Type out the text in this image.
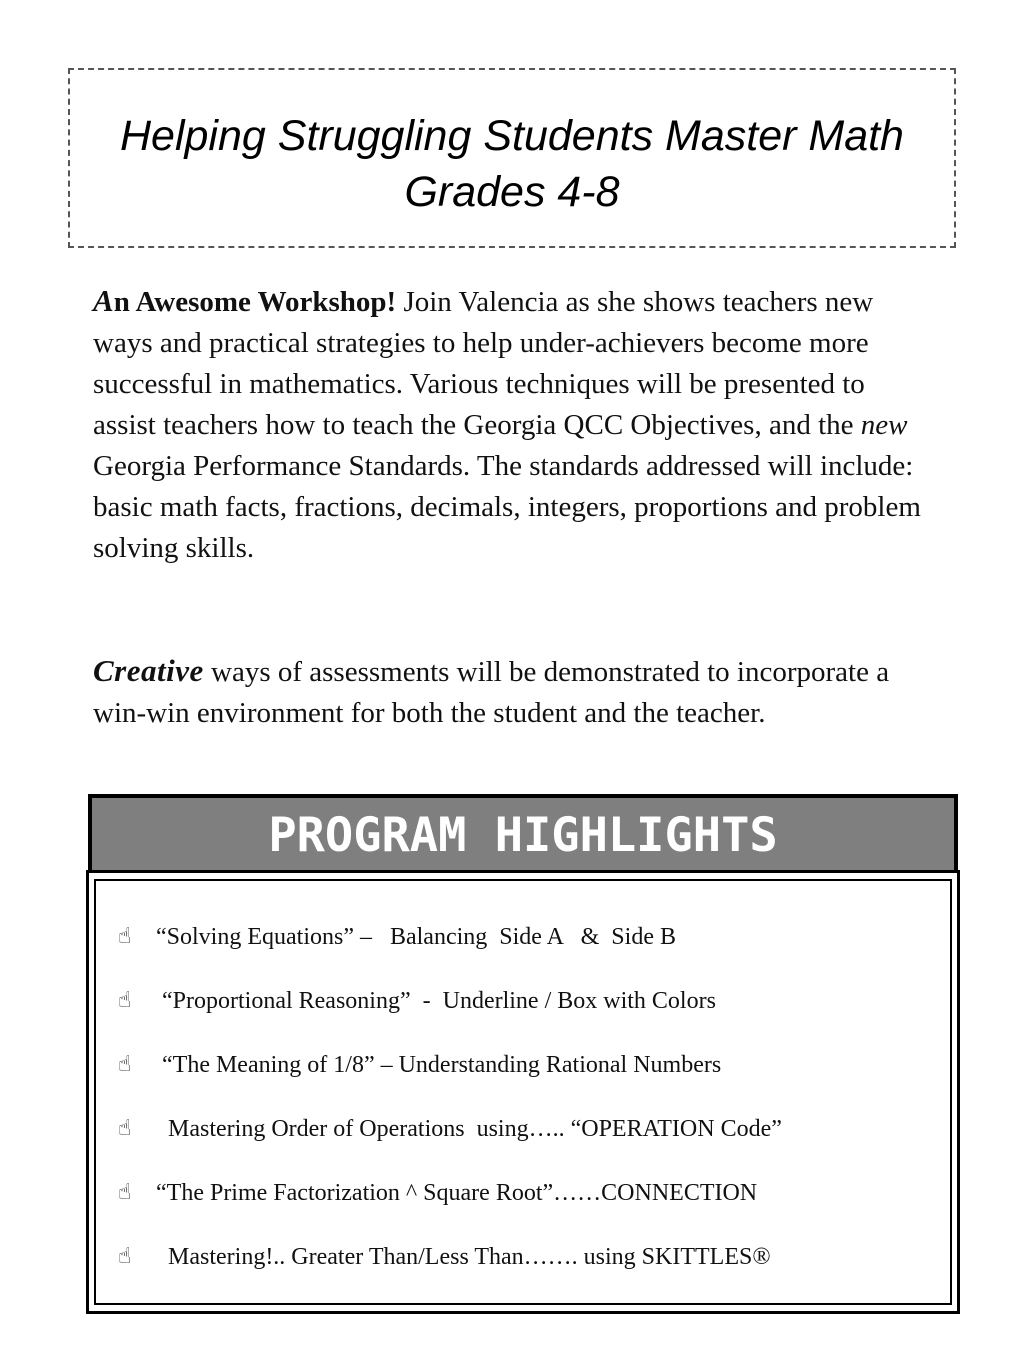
Helping Struggling Students Master Math
Grades 4-8
An Awesome Workshop! Join Valencia as she shows teachers new ways and practical strategies to help under-achievers become more successful in mathematics. Various techniques will be presented to assist teachers how to teach the Georgia QCC Objectives, and the new Georgia Performance Standards. The standards addressed will include: basic math facts, fractions, decimals, integers, proportions and problem solving skills.
Creative ways of assessments will be demonstrated to incorporate a win-win environment for both the student and the teacher.
PROGRAM HIGHLIGHTS
☝ “Solving Equations” –   Balancing  Side A   &  Side B
☝ “Proportional Reasoning”  -  Underline / Box with Colors
☝ “The Meaning of 1/8” – Understanding Rational Numbers
☝ Mastering Order of Operations  using….. “OPERATION Code”
☝ “The Prime Factorization ^ Square Root”……CONNECTION
☝ Mastering!.. Greater Than/Less Than……. using SKITTLES®
